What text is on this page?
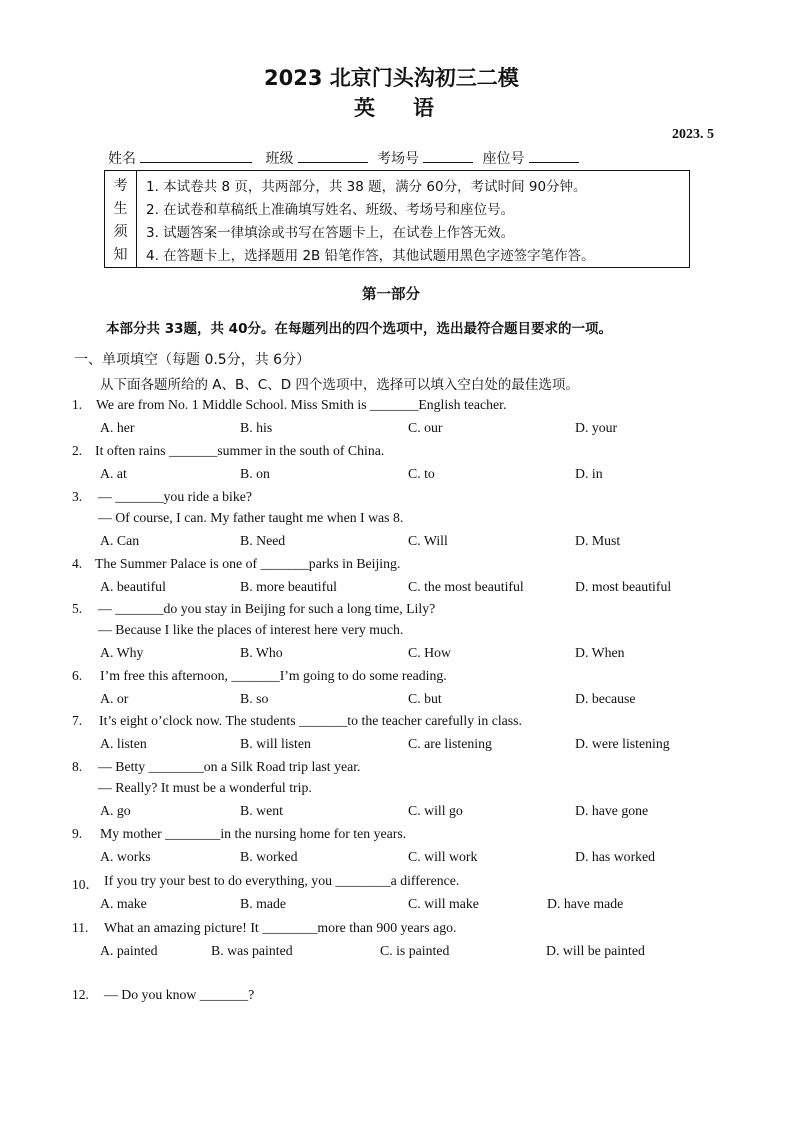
2023 北京门头沟初三二模
英语
2023. 5
姓名	班级	考场号	座位号
考
生
须
知
1. 本试卷共 8 页，共两部分，共 38 题，满分 60分，考试时间 90分钟。
2. 在试卷和草稿纸上准确填写姓名、班级、考场号和座位号。
3. 试题答案一律填涂或书写在答题卡上，在试卷上作答无效。
4. 在答题卡上，选择题用 2B 铅笔作答，其他试题用黑色字迹签字笔作答。
第一部分
本部分共 33题，共 40分。在每题列出的四个选项中，选出最符合题目要求的一项。
一、单项填空（每题 0.5分，共 6分）
从下面各题所给的 A、B、C、D 四个选项中，选择可以填入空白处的最佳选项。
1. We are from No. 1 Middle School. Miss Smith is _______English teacher.
A. her	B. his	C. our	D. your
2. It often rains _______summer in the south of China.
A. at	B. on	C. to	D. in
3. — _______you ride a bike?
— Of course, I can. My father taught me when I was 8.
A. Can	B. Need	C. Will	D. Must
4. The Summer Palace is one of _______parks in Beijing.
A. beautiful	B. more beautiful	C. the most beautiful	D. most beautiful
5. — _______do you stay in Beijing for such a long time, Lily?
— Because I like the places of interest here very much.
A. Why	B. Who	C. How	D. When
6. I’m free this afternoon, _______I’m going to do some reading.
A. or	B. so	C. but	D. because
7. It’s eight o’clock now. The students _______to the teacher carefully in class.
A. listen	B. will listen	C. are listening	D. were listening
8. — Betty ________on a Silk Road trip last year.
— Really? It must be a wonderful trip.
A. go	B. went	C. will go	D. have gone
9. My mother ________in the nursing home for ten years.
A. works	B. worked	C. will work	D. has worked
10． If you try your best to do everything, you ________a difference.
A. make	B. made	C. will make	D. have made
11. What an amazing picture! It ________more than 900 years ago.
A. painted	B. was painted	C. is painted	D. will be painted
12. — Do you know _______?
